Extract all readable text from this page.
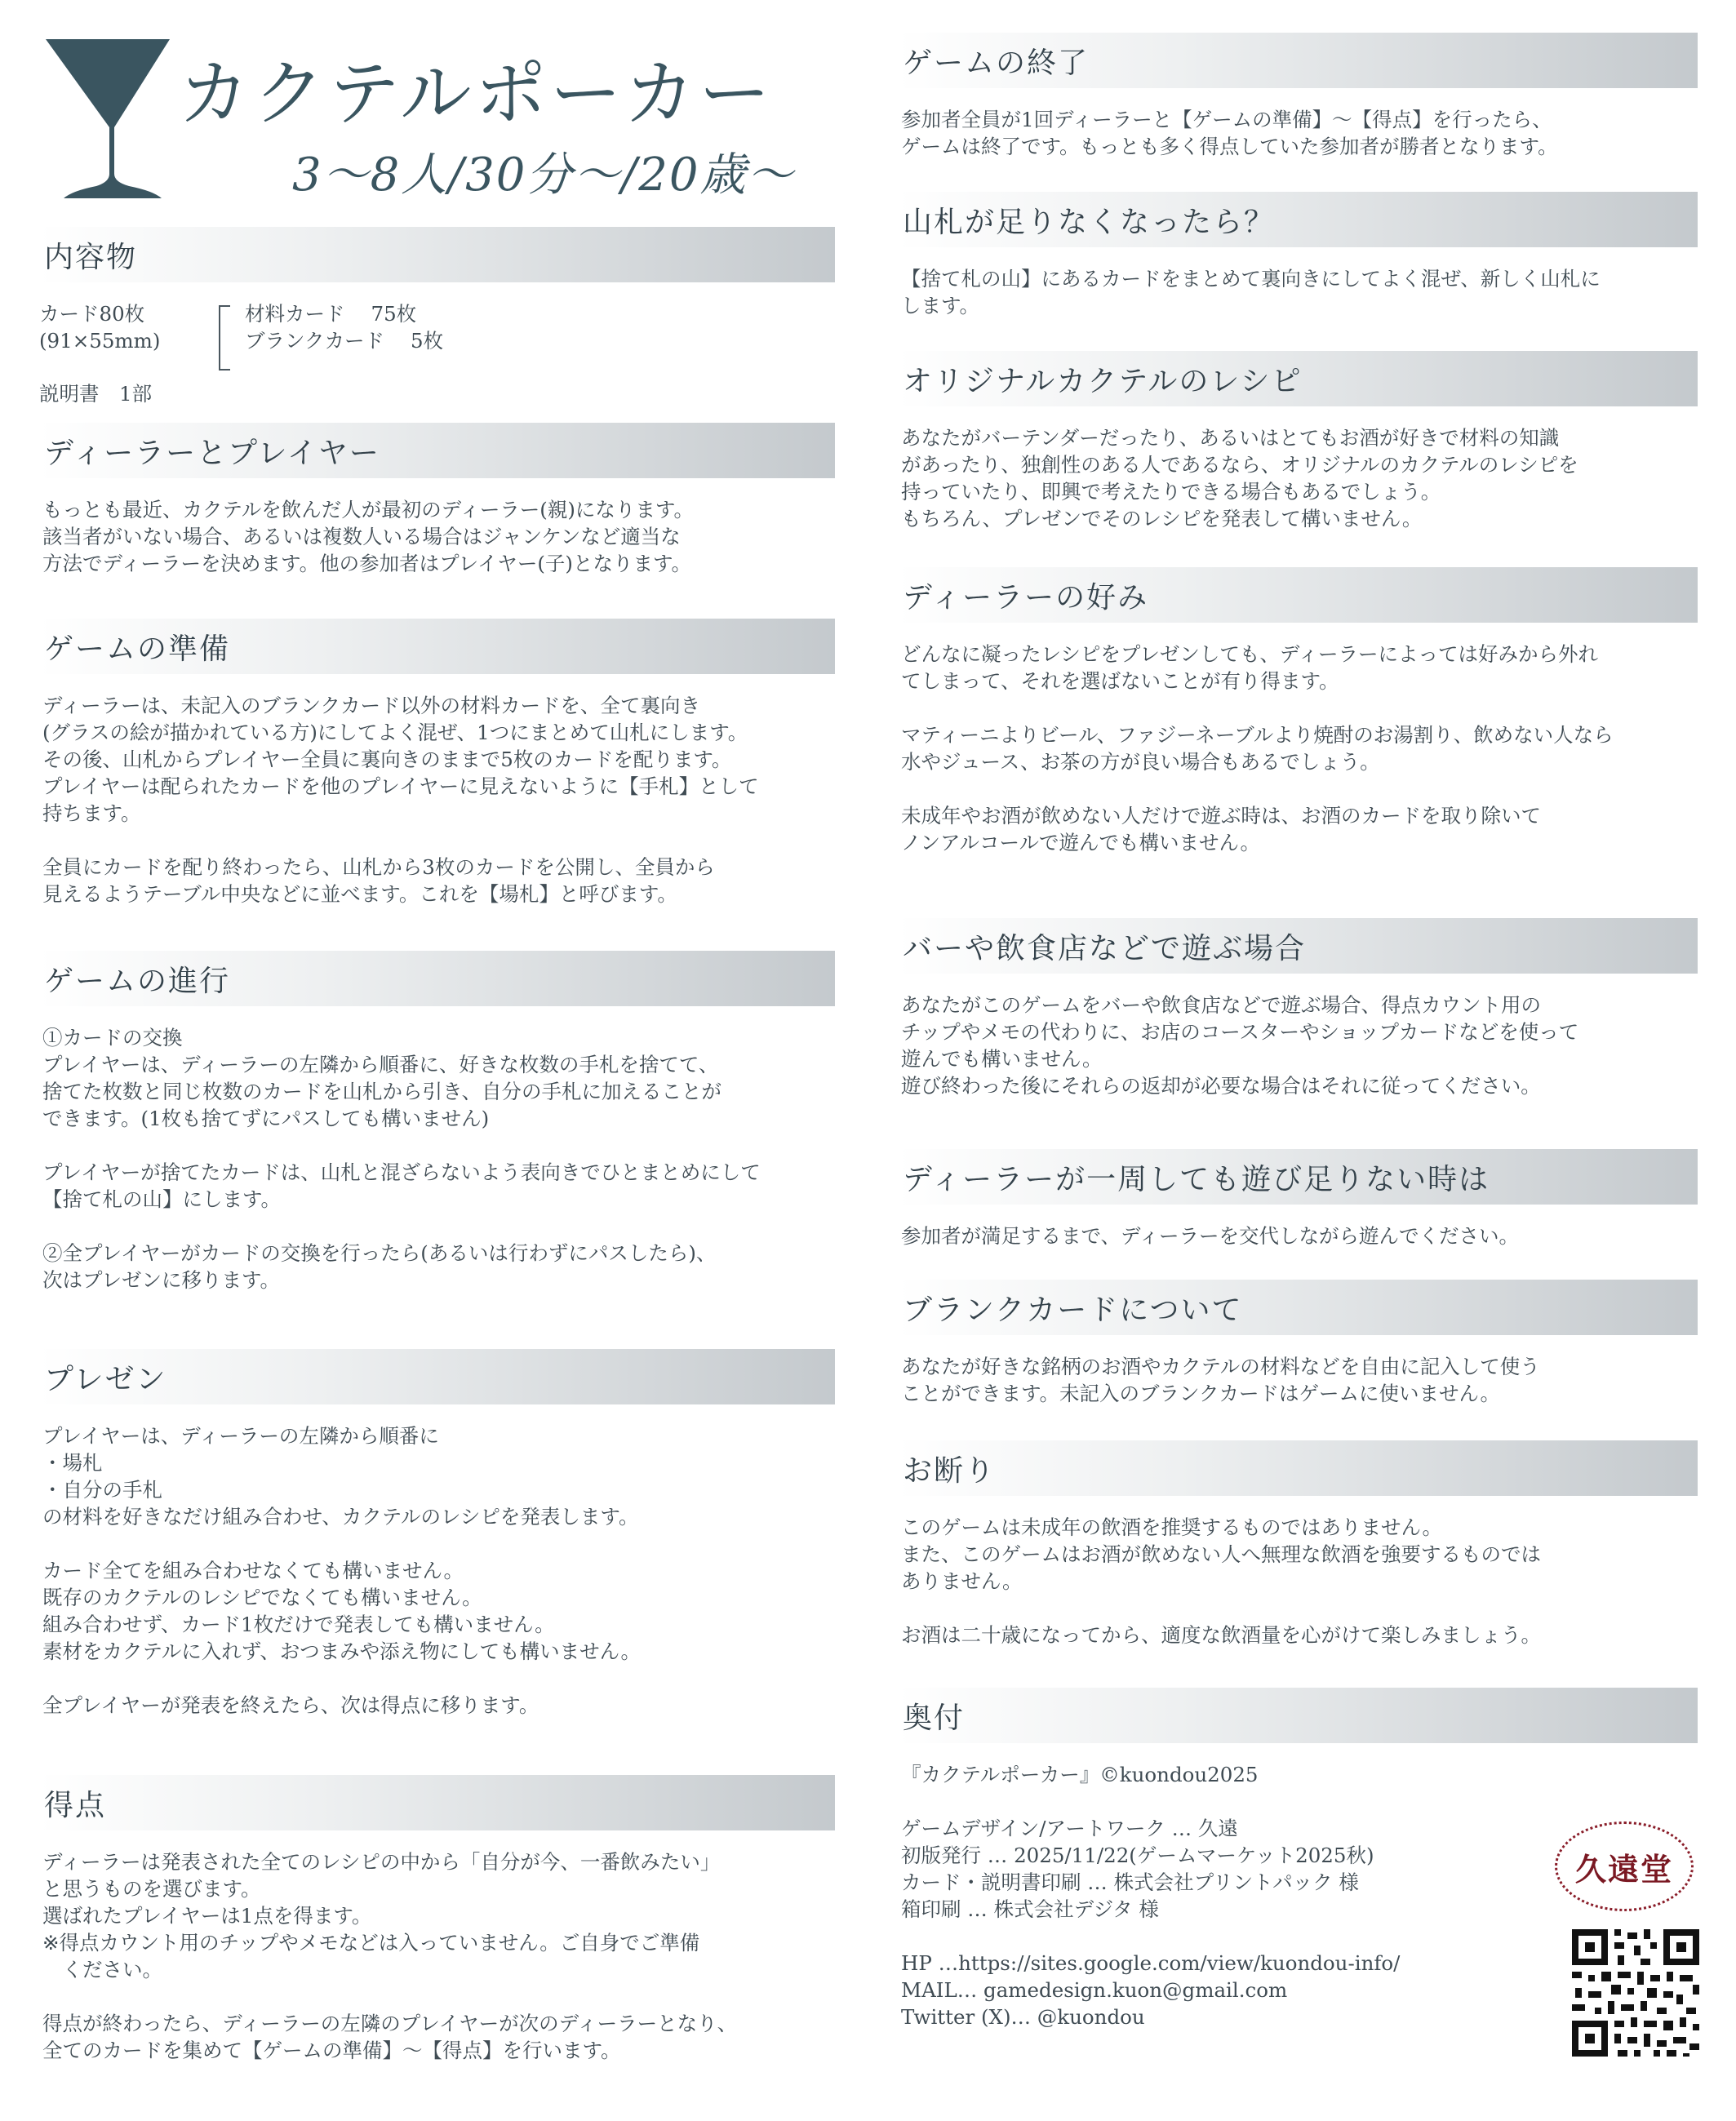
カクテルポーカー
3〜8人/30分〜/20歳〜
内容物
カード80枚
(91×55mm)
材料カード 75枚
ブランクカード 5枚
説明書　1部
ディーラーとプレイヤー

もっとも最近、カクテルを飲んだ人が最初のディーラー(親)になります。
該当者がいない場合、あるいは複数人いる場合はジャンケンなど適当な
方法でディーラーを決めます。他の参加者はプレイヤー(子)となります。

ゲームの準備

ディーラーは、未記入のブランクカード以外の材料カードを、全て裏向き
(グラスの絵が描かれている方)にしてよく混ぜ、1つにまとめて山札にします。
その後、山札からプレイヤー全員に裏向きのままで5枚のカードを配ります。
プレイヤーは配られたカードを他のプレイヤーに見えないように【手札】として
持ちます。

全員にカードを配り終わったら、山札から3枚のカードを公開し、全員から
見えるようテーブル中央などに並べます。これを【場札】と呼びます。

ゲームの進行

①カードの交換
プレイヤーは、ディーラーの左隣から順番に、好きな枚数の手札を捨てて、
捨てた枚数と同じ枚数のカードを山札から引き、自分の手札に加えることが
できます。(1枚も捨てずにパスしても構いません)

プレイヤーが捨てたカードは、山札と混ざらないよう表向きでひとまとめにして
【捨て札の山】にします。

②全プレイヤーがカードの交換を行ったら(あるいは行わずにパスしたら)、
次はプレゼンに移ります。

プレゼン

プレイヤーは、ディーラーの左隣から順番に
・場札
・自分の手札
の材料を好きなだけ組み合わせ、カクテルのレシピを発表します。

カード全てを組み合わせなくても構いません。
既存のカクテルのレシピでなくても構いません。
組み合わせず、カード1枚だけで発表しても構いません。
素材をカクテルに入れず、おつまみや添え物にしても構いません。

全プレイヤーが発表を終えたら、次は得点に移ります。

得点

ディーラーは発表された全てのレシピの中から「自分が今、一番飲みたい」
と思うものを選びます。
選ばれたプレイヤーは1点を得ます。
※得点カウント用のチップやメモなどは入っていません。ご自身でご準備
　ください。

得点が終わったら、ディーラーの左隣のプレイヤーが次のディーラーとなり、
全てのカードを集めて【ゲームの準備】〜【得点】を行います。

ゲームの終了

参加者全員が1回ディーラーと【ゲームの準備】〜【得点】を行ったら、
ゲームは終了です。もっとも多く得点していた参加者が勝者となります。

山札が足りなくなったら？

【捨て札の山】にあるカードをまとめて裏向きにしてよく混ぜ、新しく山札に
します。

オリジナルカクテルのレシピ

あなたがバーテンダーだったり、あるいはとてもお酒が好きで材料の知識
があったり、独創性のある人であるなら、オリジナルのカクテルのレシピを
持っていたり、即興で考えたりできる場合もあるでしょう。
もちろん、プレゼンでそのレシピを発表して構いません。

ディーラーの好み

どんなに凝ったレシピをプレゼンしても、ディーラーによっては好みから外れ
てしまって、それを選ばないことが有り得ます。

マティーニよりビール、ファジーネーブルより焼酎のお湯割り、飲めない人なら
水やジュース、お茶の方が良い場合もあるでしょう。

未成年やお酒が飲めない人だけで遊ぶ時は、お酒のカードを取り除いて
ノンアルコールで遊んでも構いません。

バーや飲食店などで遊ぶ場合

あなたがこのゲームをバーや飲食店などで遊ぶ場合、得点カウント用の
チップやメモの代わりに、お店のコースターやショップカードなどを使って
遊んでも構いません。
遊び終わった後にそれらの返却が必要な場合はそれに従ってください。

ディーラーが一周しても遊び足りない時は

参加者が満足するまで、ディーラーを交代しながら遊んでください。

ブランクカードについて

あなたが好きな銘柄のお酒やカクテルの材料などを自由に記入して使う
ことができます。未記入のブランクカードはゲームに使いません。

お断り

このゲームは未成年の飲酒を推奨するものではありません。
また、このゲームはお酒が飲めない人へ無理な飲酒を強要するものでは
ありません。

お酒は二十歳になってから、適度な飲酒量を心がけて楽しみましょう。

奥付

『カクテルポーカー』©kuondou2025

ゲームデザイン/アートワーク … 久遠
初版発行 … 2025/11/22(ゲームマーケット2025秋)
カード・説明書印刷 … 株式会社プリントパック 様
箱印刷 … 株式会社デジタ 様

HP …https://sites.google.com/view/kuondou-info/
MAIL… gamedesign.kuon@gmail.com
Twitter (X)… @kuondou

久遠堂
